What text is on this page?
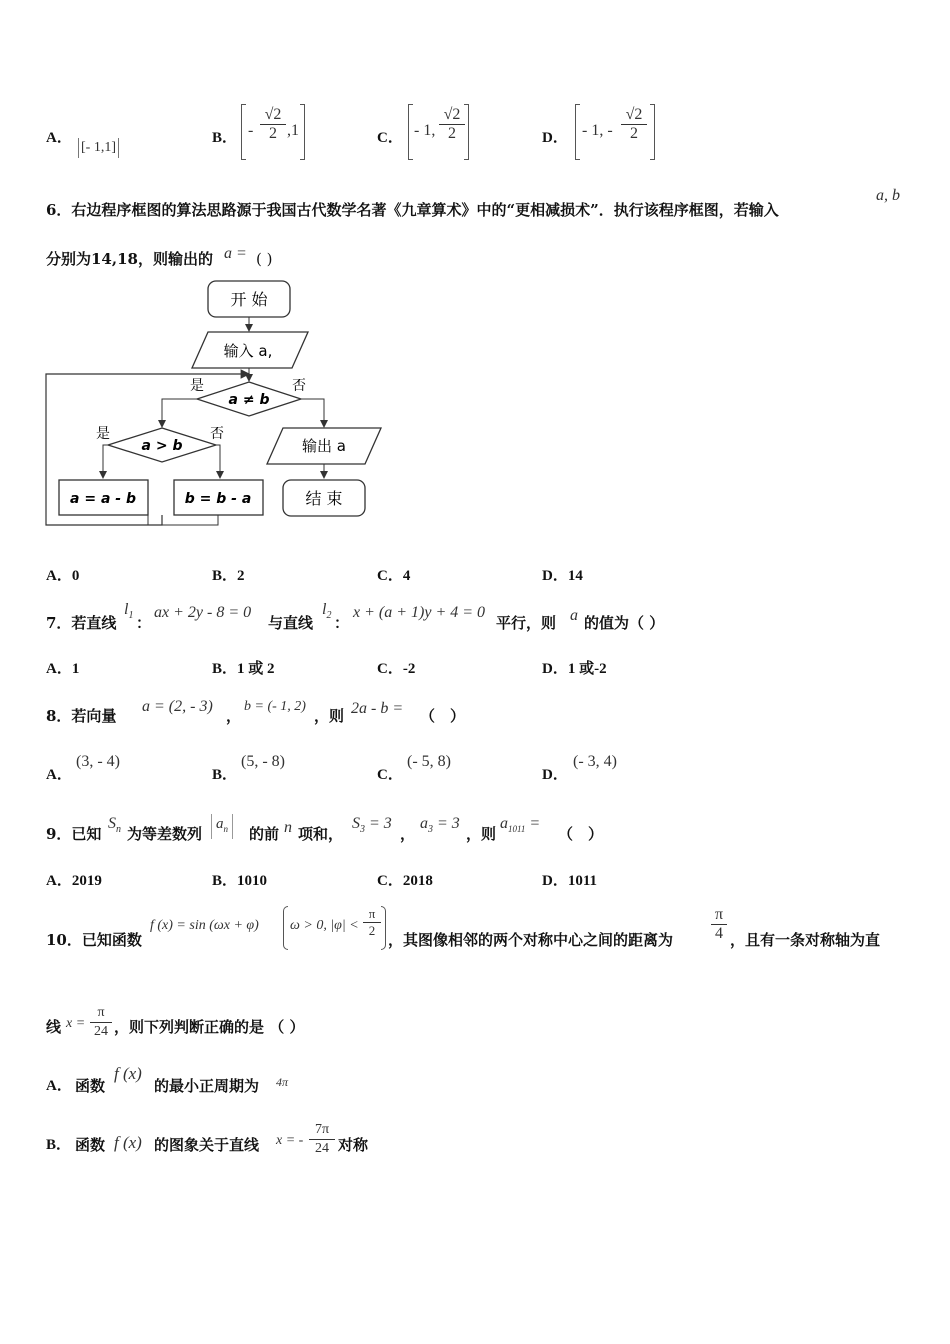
A．
[- 1,1]
B． - $\frac{√2}{2} ,1$	C． - 1, $\frac{√2}{2}$	D． - 1, - $\frac{√2}{2}$
6．右边程序框图的算法思路源于我国古代数学名著《九章算术》中的“更相减损术”．执行该程序框图，若输入
a, b
分别为14,18，则输出的 a = ( )
开 始
输入 a,
a ≠ b
是	否
a > b
是	否
a = a - b	b = b - a
输出 a
结 束
A．0	B．2	C．4	D．14
7．若直线
$l_1$ ：
ax + 2y - 8 = 0
与直线
$l_2$ ：
x + (a + 1)y + 4 = 0
平行，则 a 的值为（ ）
A．1	B．1 或 2	C．-2	D．1 或-2
8．若向量
a = (2, - 3)
，
b = (- 1, 2)
，则 2a - b = （　）
A．
(3, - 4)
B．
(5, - 8)
C．
(- 5, 8)
D．
(- 3, 4)
9．已知
$S_n$ 为等差数列
$a_n$	的前 n 项和，
$S_3 = 3$
，
$a_3 = 3$
，则
$a_{1011}$ =
（　）
A．2019	B．1010	C．2018	D．1011
10．已知函数
f (x) = sin (ωx + φ) ω > 0, $|\varphi| < \frac{\pi}{2}$
，其图像相邻的两个对称中心之间的距离为 $\frac{\pi}{4}$ ，且有一条对称轴为直
线 $x = \frac{\pi}{24}$ ，则下列判断正确的是 （ ）
A． 函数
f (x)
的最小正周期为 4π
B． 函数 f (x) 的图象关于直线 x = - $\frac{7\pi}{24}$ 对称
